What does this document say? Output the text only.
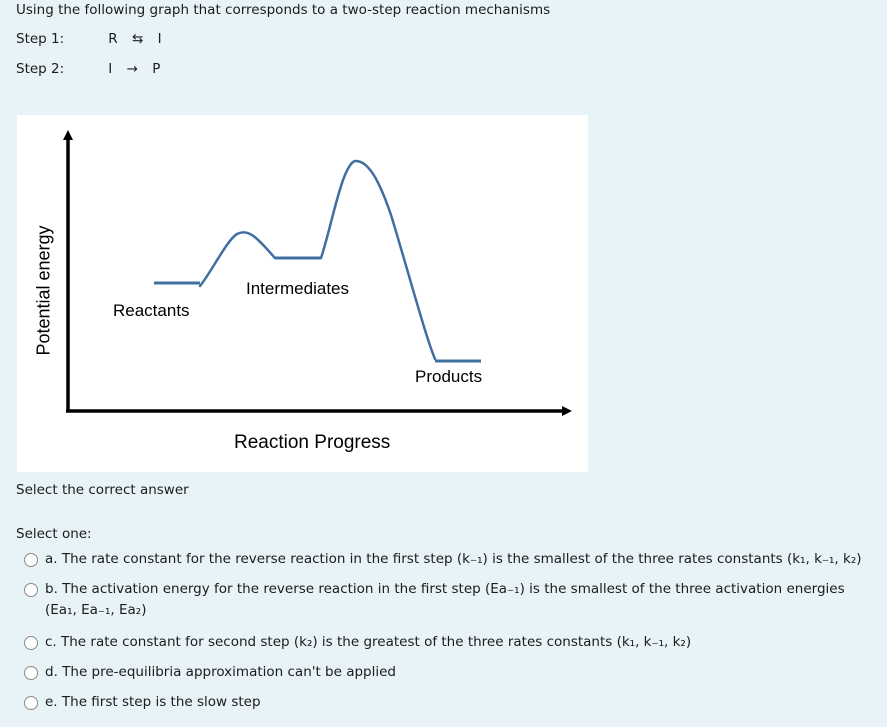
Using the following graph that corresponds to a two-step reaction mechanisms
Step 1:	R ⇆ I
Step 2:	I → P
Potential energy	Reactants
Intermediates
Products
Reaction Progress
Select the correct answer
Select one:
a. The rate constant for the reverse reaction in the first step (k₋₁) is the smallest of the three rates constants (k₁, k₋₁, k₂)
b. The activation energy for the reverse reaction in the first step (Ea₋₁) is the smallest of the three activation energies (Ea₁, Ea₋₁, Ea₂)
c. The rate constant for second step (k₂) is the greatest of the three rates constants (k₁, k₋₁, k₂)
d. The pre-equilibria approximation can't be applied
e. The first step is the slow step
